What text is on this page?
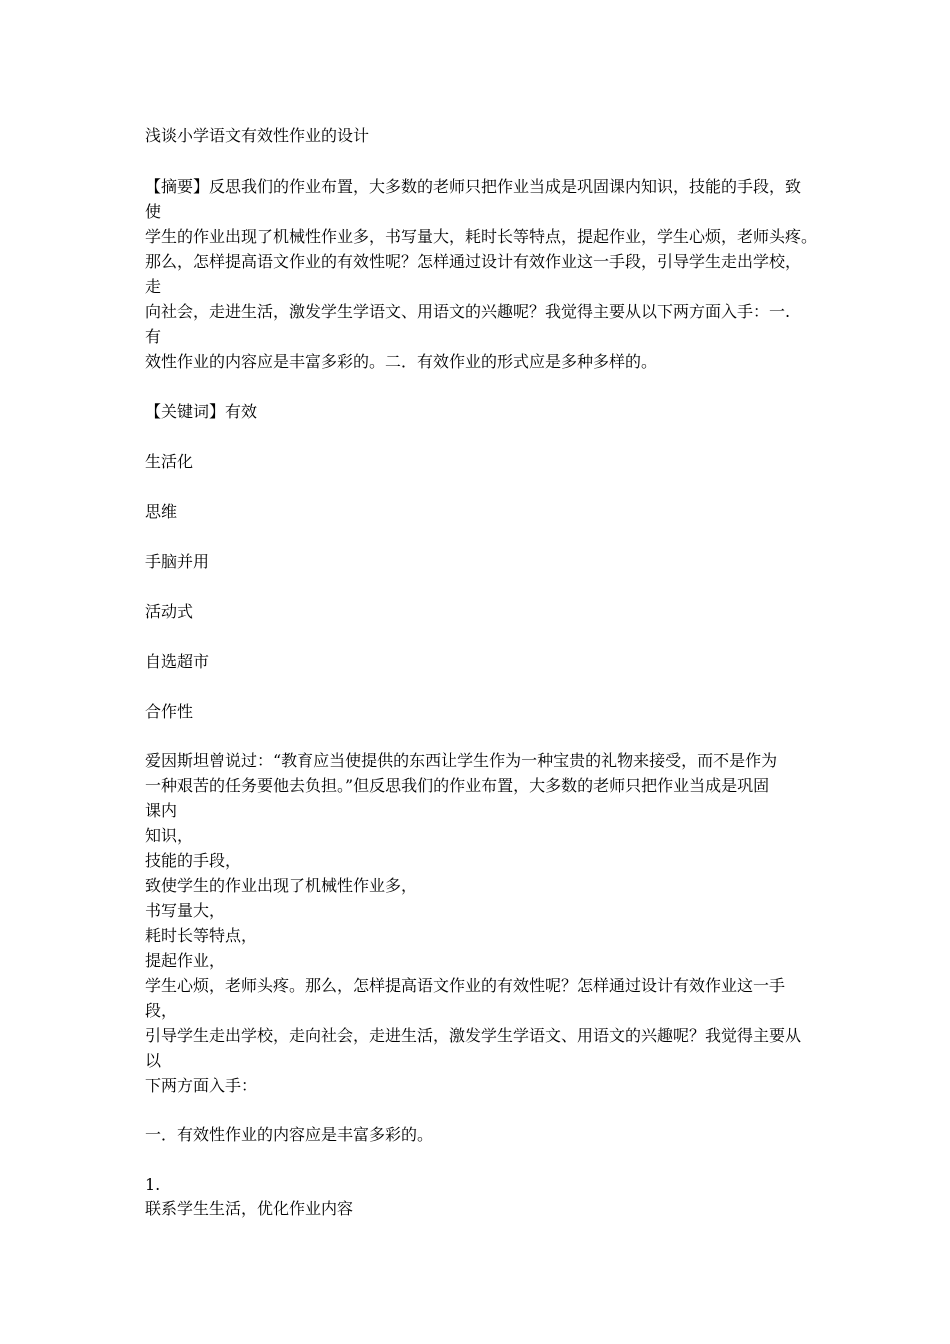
浅谈小学语文有效性作业的设计
【摘要】反思我们的作业布置，大多数的老师只把作业当成是巩固课内知识，技能的手段，致
使
学生的作业出现了机械性作业多，书写量大，耗时长等特点，提起作业，学生心烦，老师头疼。
那么，怎样提高语文作业的有效性呢？怎样通过设计有效作业这一手段，引导学生走出学校，
走
向社会，走进生活，激发学生学语文、用语文的兴趣呢？我觉得主要从以下两方面入手：一.
有
效性作业的内容应是丰富多彩的。二．有效作业的形式应是多种多样的。
【关键词】有效
生活化
思维
手脑并用
活动式
自选超市
合作性
爱因斯坦曾说过：“教育应当使提供的东西让学生作为一种宝贵的礼物来接受，而不是作为
一种艰苦的任务要他去负担。”但反思我们的作业布置，大多数的老师只把作业当成是巩固
课内
知识，
技能的手段，
致使学生的作业出现了机械性作业多，
书写量大，
耗时长等特点，
提起作业，
学生心烦，老师头疼。那么，怎样提高语文作业的有效性呢？怎样通过设计有效作业这一手
段，
引导学生走出学校，走向社会，走进生活，激发学生学语文、用语文的兴趣呢？我觉得主要从
以
下两方面入手：
一．有效性作业的内容应是丰富多彩的。
1.
联系学生生活，优化作业内容
